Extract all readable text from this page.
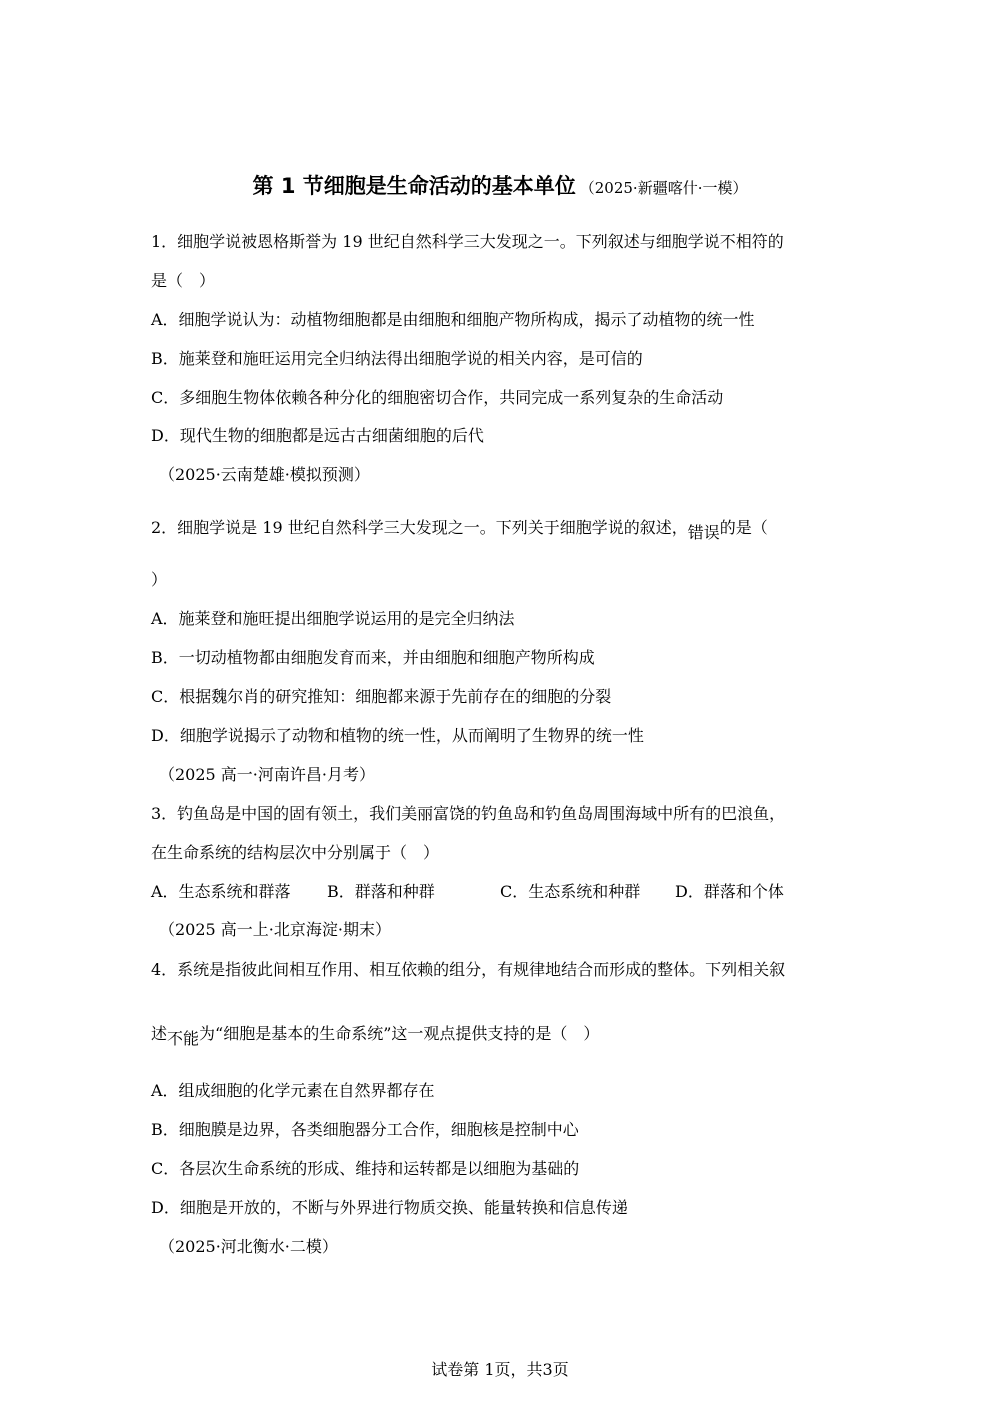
第 1 节细胞是生命活动的基本单位 （2025·新疆喀什·一模）
1．细胞学说被恩格斯誉为 19 世纪自然科学三大发现之一。下列叙述与细胞学说不相符的
是（　）
A．细胞学说认为：动植物细胞都是由细胞和细胞产物所构成，揭示了动植物的统一性
B．施莱登和施旺运用完全归纳法得出细胞学说的相关内容，是可信的
C．多细胞生物体依赖各种分化的细胞密切合作，共同完成一系列复杂的生命活动
D．现代生物的细胞都是远古古细菌细胞的后代
（2025·云南楚雄·模拟预测）
2．细胞学说是 19 世纪自然科学三大发现之一。下列关于细胞学说的叙述，错误的是（
）
A．施莱登和施旺提出细胞学说运用的是完全归纳法
B．一切动植物都由细胞发育而来，并由细胞和细胞产物所构成
C．根据魏尔肖的研究推知：细胞都来源于先前存在的细胞的分裂
D．细胞学说揭示了动物和植物的统一性，从而阐明了生物界的统一性
（2025 高一·河南许昌·月考）
3．钓鱼岛是中国的固有领土，我们美丽富饶的钓鱼岛和钓鱼岛周围海域中所有的巴浪鱼，
在生命系统的结构层次中分别属于（　）
A．生态系统和群落 B．群落和种群	C．生态系统和种群 D．群落和个体
（2025 高一上·北京海淀·期末）
4．系统是指彼此间相互作用、相互依赖的组分，有规律地结合而形成的整体。下列相关叙
述不能为“细胞是基本的生命系统”这一观点提供支持的是（　）
A．组成细胞的化学元素在自然界都存在
B．细胞膜是边界，各类细胞器分工合作，细胞核是控制中心
C．各层次生命系统的形成、维持和运转都是以细胞为基础的
D．细胞是开放的，不断与外界进行物质交换、能量转换和信息传递
（2025·河北衡水·二模）
试卷第 1页，共3页
